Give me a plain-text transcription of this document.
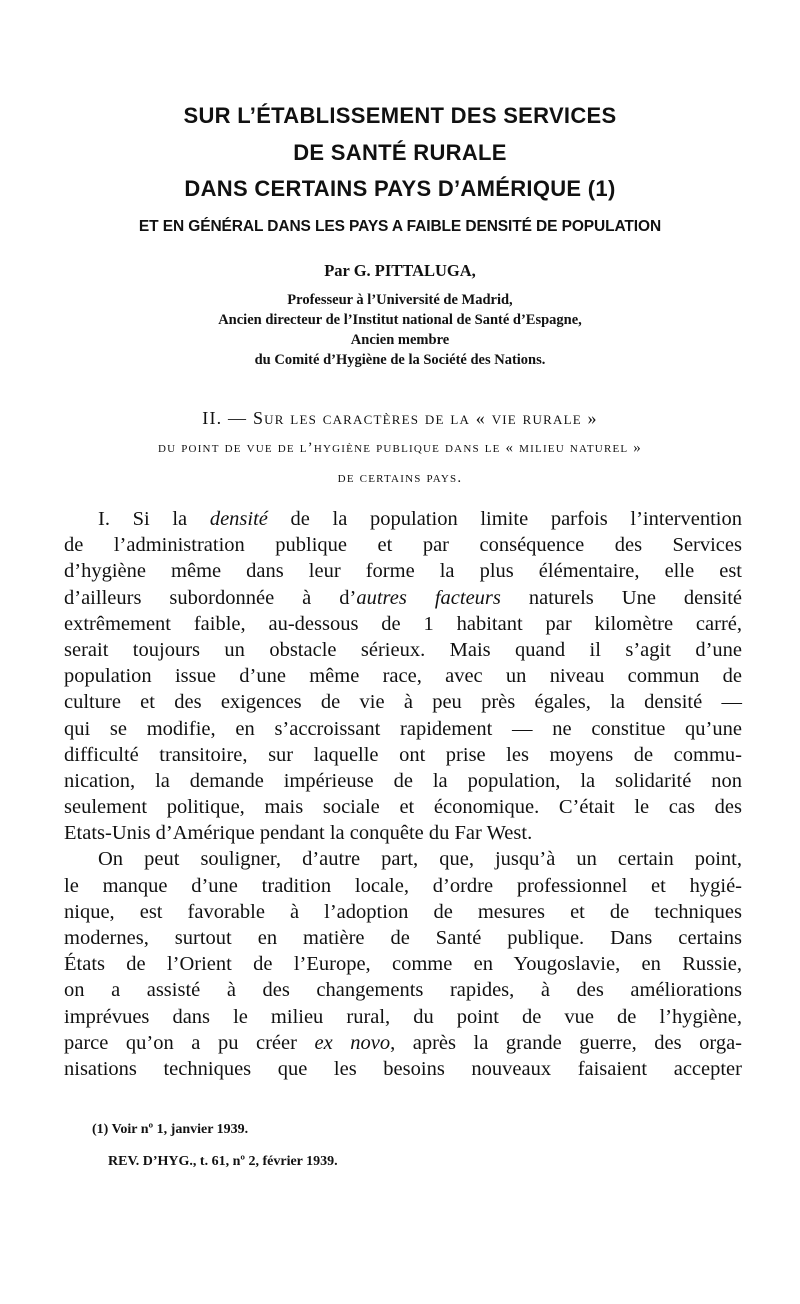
SUR L’ÉTABLISSEMENT DES SERVICES
DE SANTÉ RURALE
DANS CERTAINS PAYS D’AMÉRIQUE (1)
ET EN GÉNÉRAL DANS LES PAYS A FAIBLE DENSITÉ DE POPULATION
Par G. PITTALUGA,
Professeur à l’Université de Madrid,
Ancien directeur de l’Institut national de Santé d’Espagne,
Ancien membre
du Comité d’Hygiène de la Société des Nations.
II. — Sur les caractères de la « vie rurale »
du point de vue de l’hygiène publique dans le « milieu naturel »
de certains pays.
I. Si la densité de la population limite parfois l’intervention
de l’administration publique et par conséquence des Services
d’hygiène même dans leur forme la plus élémentaire, elle est
d’ailleurs subordonnée à d’autres facteurs naturels Une densité
extrêmement faible, au-dessous de 1 habitant par kilomètre carré,
serait toujours un obstacle sérieux. Mais quand il s’agit d’une
population issue d’une même race, avec un niveau commun de
culture et des exigences de vie à peu près égales, la densité —
qui se modifie, en s’accroissant rapidement — ne constitue qu’une
difficulté transitoire, sur laquelle ont prise les moyens de commu-
nication, la demande impérieuse de la population, la solidarité non
seulement politique, mais sociale et économique. C’était le cas des
Etats-Unis d’Amérique pendant la conquête du Far West.
On peut souligner, d’autre part, que, jusqu’à un certain point,
le manque d’une tradition locale, d’ordre professionnel et hygié-
nique, est favorable à l’adoption de mesures et de techniques
modernes, surtout en matière de Santé publique. Dans certains
États de l’Orient de l’Europe, comme en Yougoslavie, en Russie,
on a assisté à des changements rapides, à des améliorations
imprévues dans le milieu rural, du point de vue de l’hygiène,
parce qu’on a pu créer ex novo, après la grande guerre, des orga-
nisations techniques que les besoins nouveaux faisaient accepter
(1) Voir nº 1, janvier 1939.
REV. D’HYG., t. 61, nº 2, février 1939.
